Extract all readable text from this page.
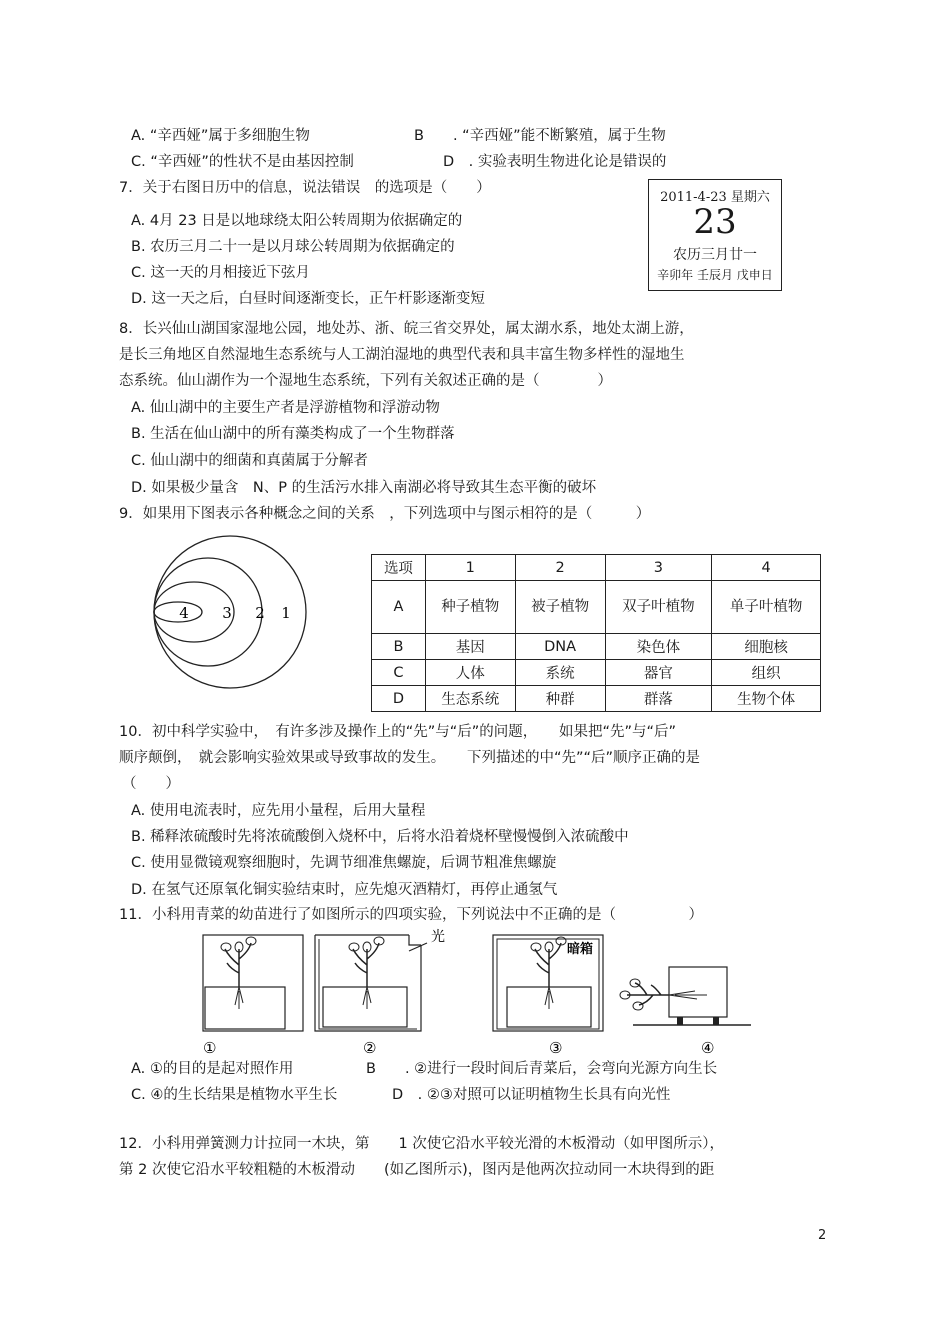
A. “辛西娅”属于多细胞生物	B　　. “辛西娅”能不断繁殖，属于生物
C. “辛西娅”的性状不是由基因控制	D　. 实验表明生物进化论是错误的
7．关于右图日历中的信息，说法错误　的选项是（　　）
A. 4月 23 日是以地球绕太阳公转周期为依据确定的
B. 农历三月二十一是以月球公转周期为依据确定的
C. 这一天的月相接近下弦月
D. 这一天之后，白昼时间逐渐变长，正午杆影逐渐变短
2011-4-23 星期六
23
农历三月廿一
辛卯年 壬辰月 戊申日
8．长兴仙山湖国家湿地公园，地处苏、浙、皖三省交界处，属太湖水系，地处太湖上游，
是长三角地区自然湿地生态系统与人工湖泊湿地的典型代表和具丰富生物多样性的湿地生
态系统。仙山湖作为一个湿地生态系统，下列有关叙述正确的是（　　　　）
A. 仙山湖中的主要生产者是浮游植物和浮游动物
B. 生活在仙山湖中的所有藻类构成了一个生物群落
C. 仙山湖中的细菌和真菌属于分解者
D. 如果极少量含　N、P 的生活污水排入南湖必将导致其生态平衡的破坏
9．如果用下图表示各种概念之间的关系　，下列选项中与图示相符的是（　　　）
4 3 2 1
选项	1	2	3	4
A	种子植物	被子植物	双子叶植物	单子叶植物
B	基因	DNA	染色体	细胞核
C	人体	系统	器官	组织
D	生态系统	种群	群落	生物个体
10．初中科学实验中，　有许多涉及操作上的“先”与“后”的问题，　　如果把“先”与“后”
顺序颠倒，　就会影响实验效果或导致事故的发生。　　下列描述的中“先”“后”顺序正确的是
（　　）
A. 使用电流表时，应先用小量程，后用大量程
B. 稀释浓硫酸时先将浓硫酸倒入烧杯中，后将水沿着烧杯壁慢慢倒入浓硫酸中
C. 使用显微镜观察细胞时，先调节细准焦螺旋，后调节粗准焦螺旋
D. 在氢气还原氧化铜实验结束时，应先熄灭酒精灯，再停止通氢气
11．小科用青菜的幼苗进行了如图所示的四项实验，下列说法中不正确的是（　　　　　）
①
光
②
暗箱
③	④
A. ①的目的是起对照作用	B　　. ②进行一段时间后青菜后，会弯向光源方向生长
C. ④的生长结果是植物水平生长	D　. ②③对照可以证明植物生长具有向光性
12．小科用弹簧测力计拉同一木块，第　　1 次使它沿水平较光滑的木板滑动（如甲图所示），
第 2 次使它沿水平较粗糙的木板滑动　　(如乙图所示)，图丙是他两次拉动同一木块得到的距
2
